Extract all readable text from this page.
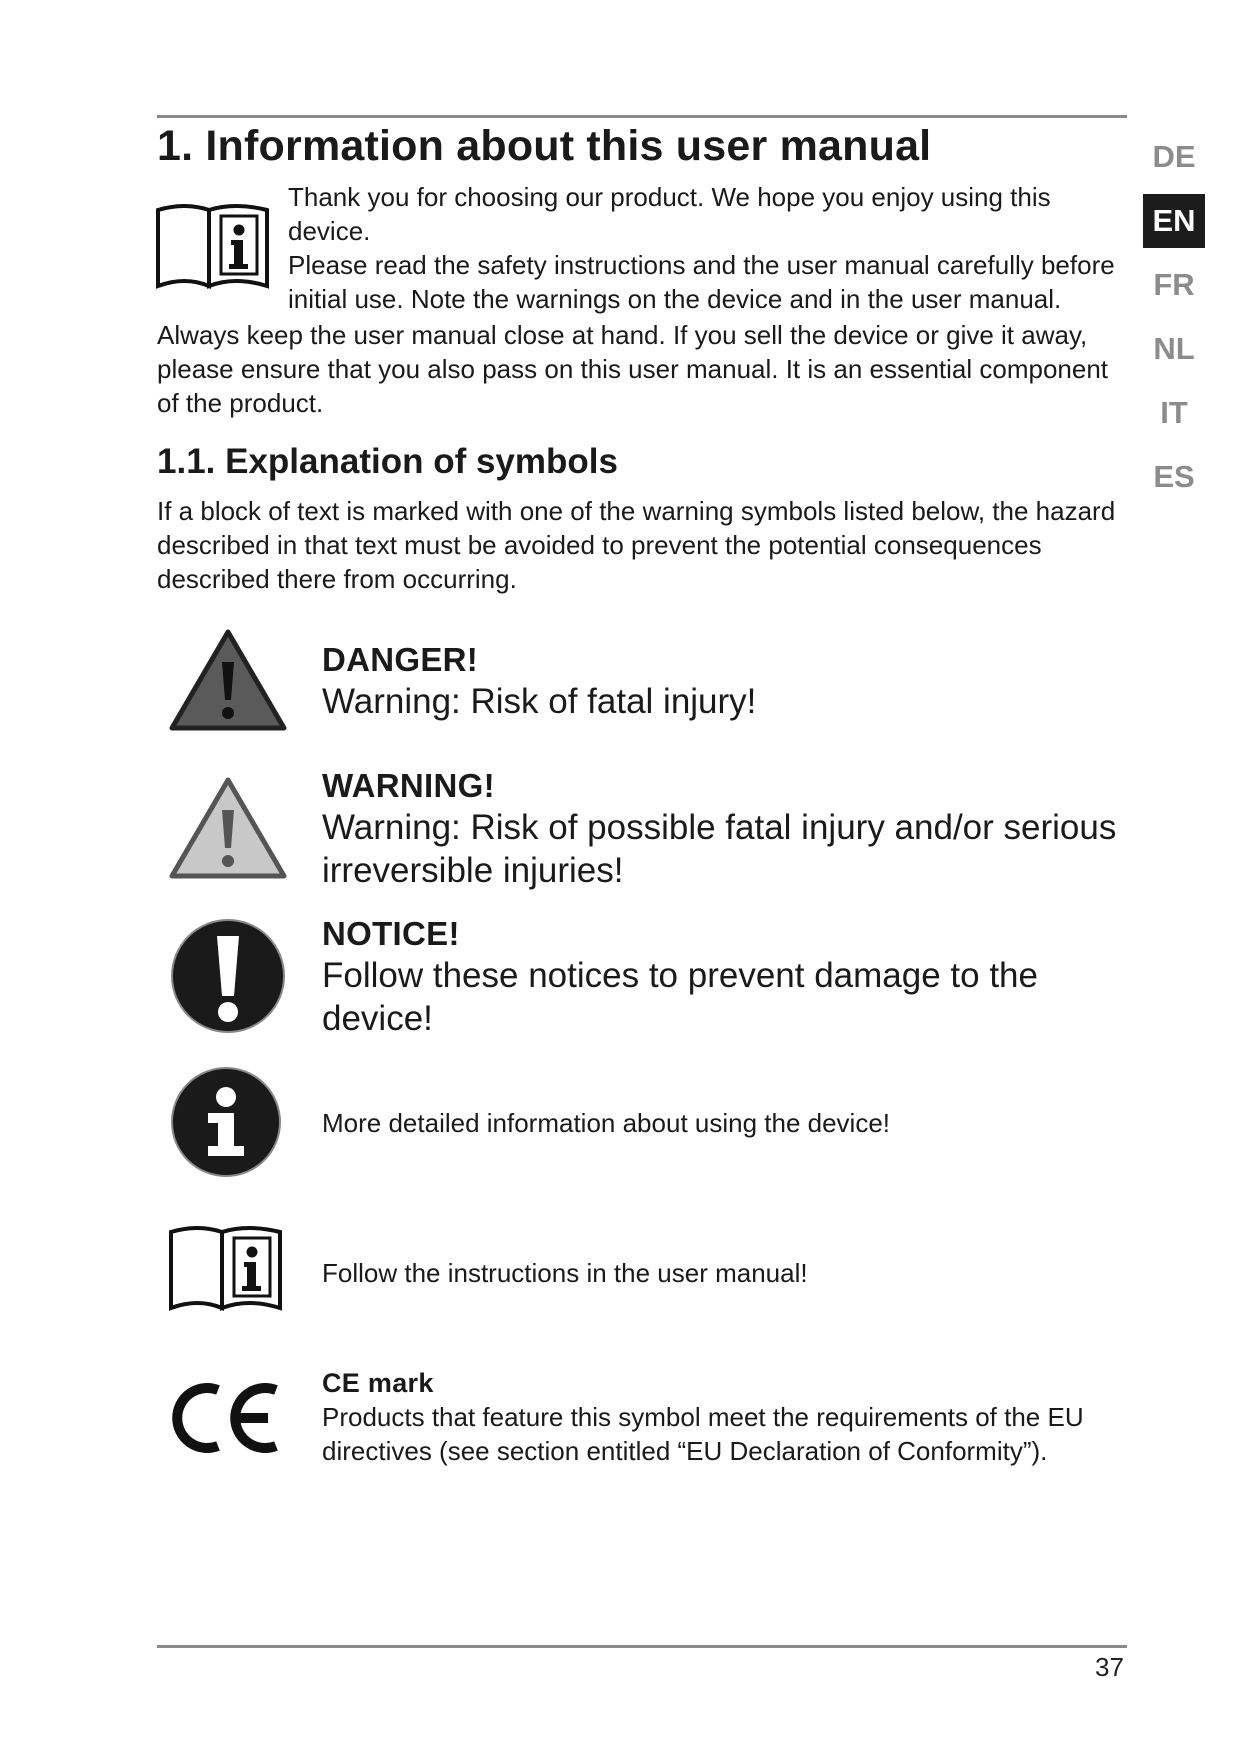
1. Information about this user manual

Thank you for choosing our product. We hope you enjoy using this device.

Please read the safety instructions and the user manual carefully before initial use. Note the warnings on the device and in the user manual.

Always keep the user manual close at hand. If you sell the device or give it away, please ensure that you also pass on this user manual. It is an essential component of the product.

1.1. Explanation of symbols

If a block of text is marked with one of the warning symbols listed below, the hazard described in that text must be avoided to prevent the potential consequences described there from occurring.

DANGER!

Warning: Risk of fatal injury!

WARNING!

Warning: Risk of possible fatal injury and/or serious irreversible injuries!

NOTICE!

Follow these notices to prevent damage to the device!

More detailed information about using the device!

Follow the instructions in the user manual!

CE mark

Products that feature this symbol meet the requirements of the EU directives (see section entitled “EU Declaration of Conformity”).

DE
EN
FR
NL
IT
ES
37
